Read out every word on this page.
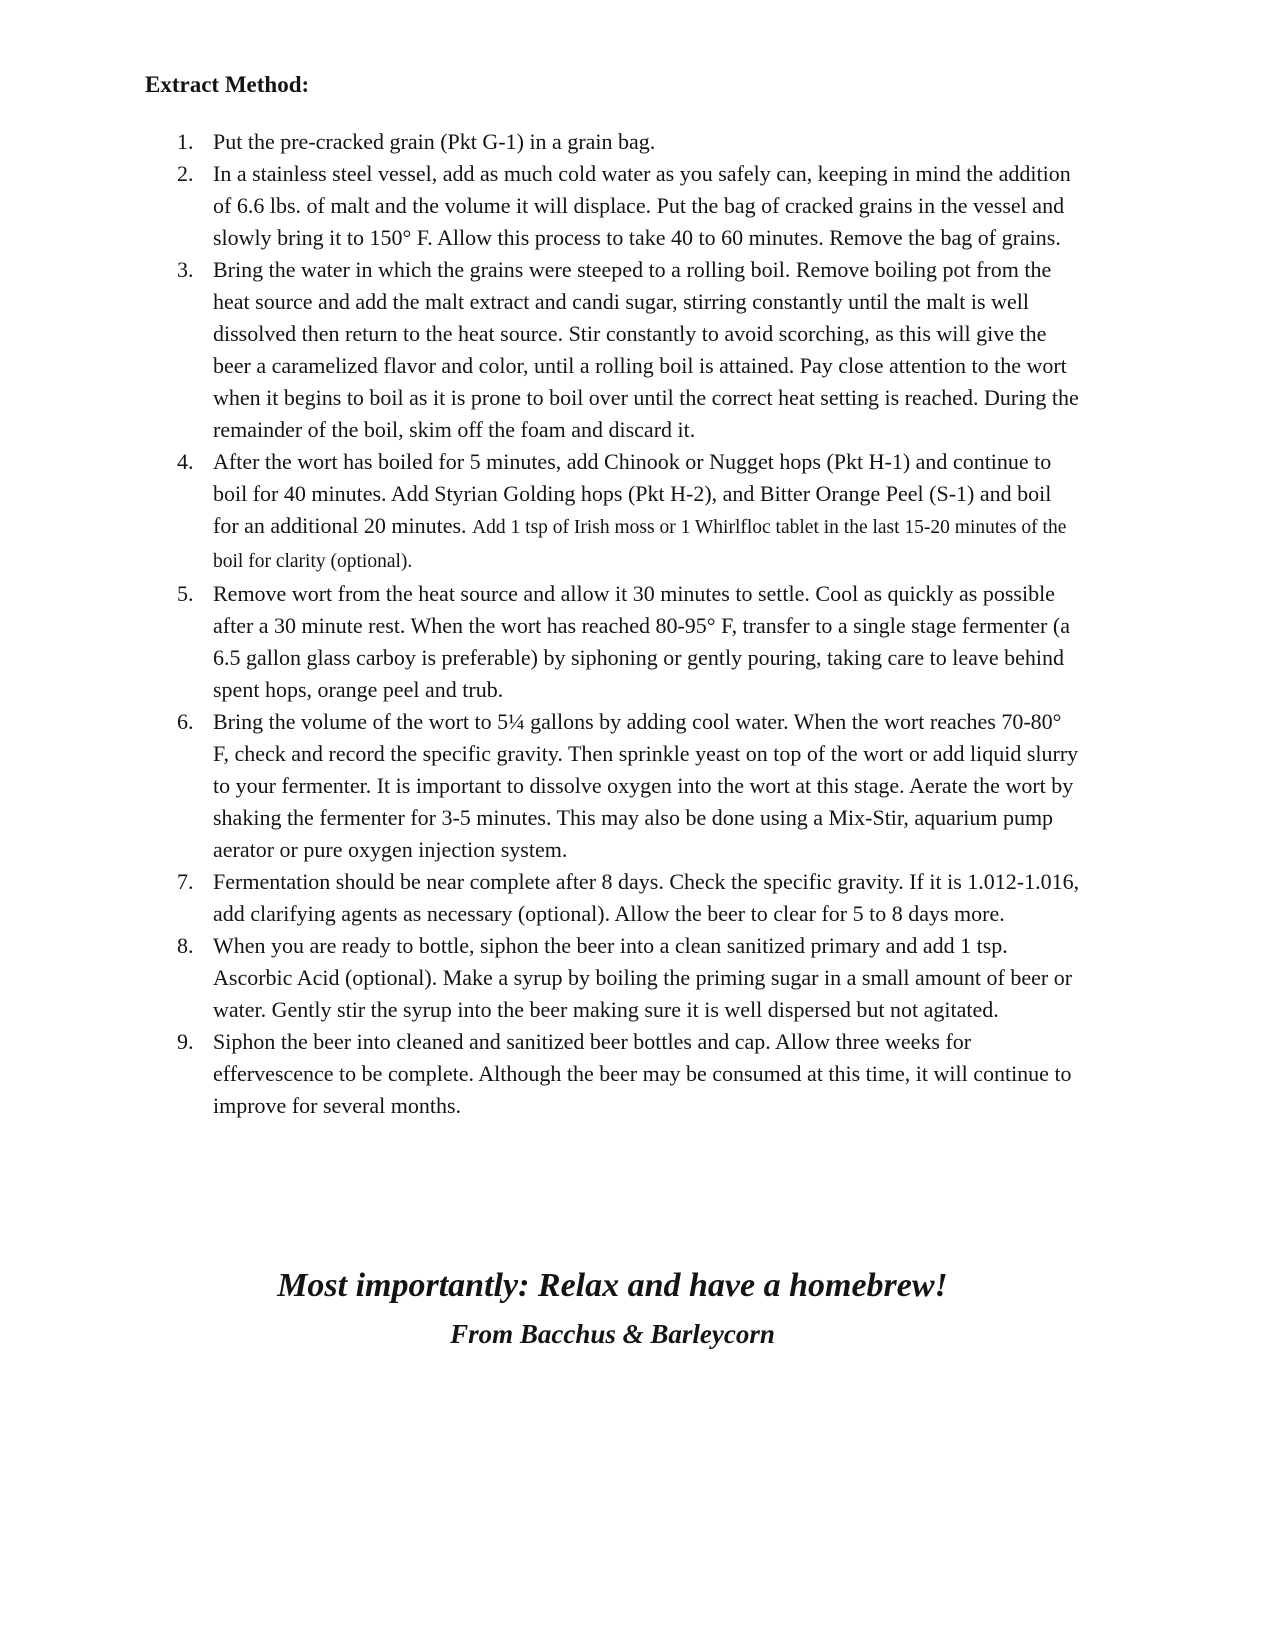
Extract Method:
Put the pre-cracked grain (Pkt G-1) in a grain bag.
In a stainless steel vessel, add as much cold water as you safely can, keeping in mind the addition of 6.6 lbs. of malt and the volume it will displace. Put the bag of cracked grains in the vessel and slowly bring it to 150° F. Allow this process to take 40 to 60 minutes. Remove the bag of grains.
Bring the water in which the grains were steeped to a rolling boil. Remove boiling pot from the heat source and add the malt extract and candi sugar, stirring constantly until the malt is well dissolved then return to the heat source. Stir constantly to avoid scorching, as this will give the beer a caramelized flavor and color, until a rolling boil is attained. Pay close attention to the wort when it begins to boil as it is prone to boil over until the correct heat setting is reached. During the remainder of the boil, skim off the foam and discard it.
After the wort has boiled for 5 minutes, add Chinook or Nugget hops (Pkt H-1) and continue to boil for 40 minutes. Add Styrian Golding hops (Pkt H-2), and Bitter Orange Peel (S-1) and boil for an additional 20 minutes. Add 1 tsp of Irish moss or 1 Whirlfloc tablet in the last 15-20 minutes of the boil for clarity (optional).
Remove wort from the heat source and allow it 30 minutes to settle. Cool as quickly as possible after a 30 minute rest. When the wort has reached 80-95° F, transfer to a single stage fermenter (a 6.5 gallon glass carboy is preferable) by siphoning or gently pouring, taking care to leave behind spent hops, orange peel and trub.
Bring the volume of the wort to 5¼ gallons by adding cool water. When the wort reaches 70-80° F, check and record the specific gravity. Then sprinkle yeast on top of the wort or add liquid slurry to your fermenter. It is important to dissolve oxygen into the wort at this stage. Aerate the wort by shaking the fermenter for 3-5 minutes. This may also be done using a Mix-Stir, aquarium pump aerator or pure oxygen injection system.
Fermentation should be near complete after 8 days. Check the specific gravity. If it is 1.012-1.016, add clarifying agents as necessary (optional). Allow the beer to clear for 5 to 8 days more.
When you are ready to bottle, siphon the beer into a clean sanitized primary and add 1 tsp. Ascorbic Acid (optional). Make a syrup by boiling the priming sugar in a small amount of beer or water. Gently stir the syrup into the beer making sure it is well dispersed but not agitated.
Siphon the beer into cleaned and sanitized beer bottles and cap. Allow three weeks for effervescence to be complete. Although the beer may be consumed at this time, it will continue to improve for several months.

Most importantly: Relax and have a homebrew!

From Bacchus & Barleycorn
